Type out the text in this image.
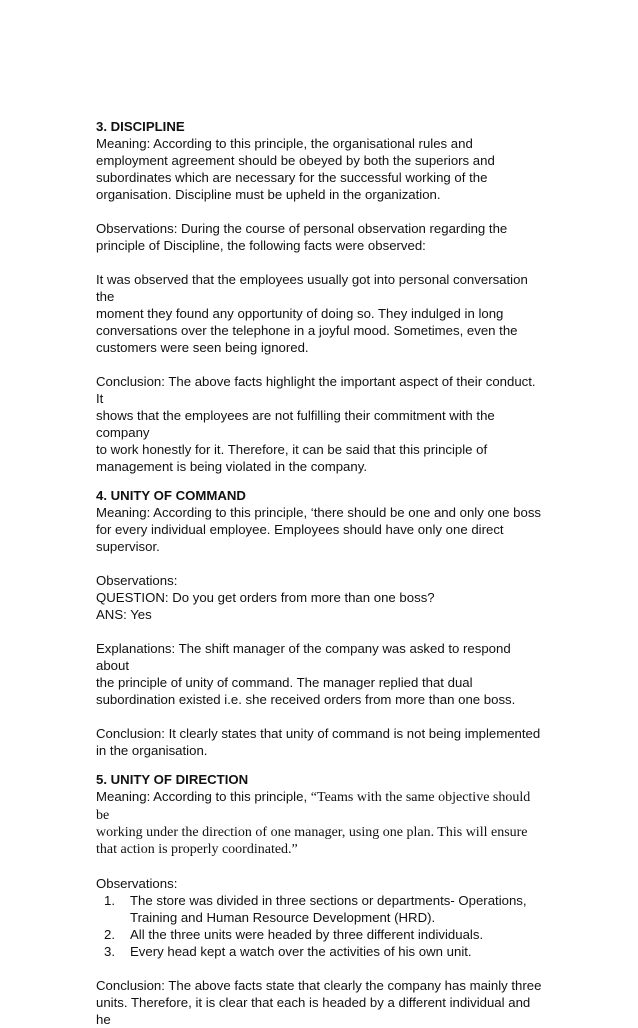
3. DISCIPLINE

Meaning: According to this principle, the organisational rules and

employment agreement should be obeyed by both the superiors and

subordinates which are necessary for the successful working of the

organisation. Discipline must be upheld in the organization.

Observations: During the course of personal observation regarding the

principle of Discipline, the following facts were observed:

It was observed that the employees usually got into personal conversation the

moment they found any opportunity of doing so. They indulged in long

conversations over the telephone in a joyful mood. Sometimes, even the

customers were seen being ignored.

Conclusion: The above facts highlight the important aspect of their conduct. It

shows that the employees are not fulfilling their commitment with the company

to work honestly for it. Therefore, it can be said that this principle of

management is being violated in the company.

4. UNITY OF COMMAND

Meaning: According to this principle, ‘there should be one and only one boss

for every individual employee. Employees should have only one direct

supervisor.

Observations:

QUESTION: Do you get orders from more than one boss?

ANS: Yes

Explanations: The shift manager of the company was asked to respond about

the principle of unity of command. The manager replied that dual

subordination existed i.e. she received orders from more than one boss.

Conclusion: It clearly states that unity of command is not being implemented

in the organisation.

5. UNITY OF DIRECTION

Meaning: According to this principle, “Teams with the same objective should be

working under the direction of one manager, using one plan. This will ensure

that action is properly coordinated.”

Observations:

1. The store was divided in three sections or departments- Operations,
Training and Human Resource Development (HRD).
2. All the three units were headed by three different individuals.
3. Every head kept a watch over the activities of his own unit.

Conclusion: The above facts state that clearly the company has mainly three

units. Therefore, it is clear that each is headed by a different individual and he
